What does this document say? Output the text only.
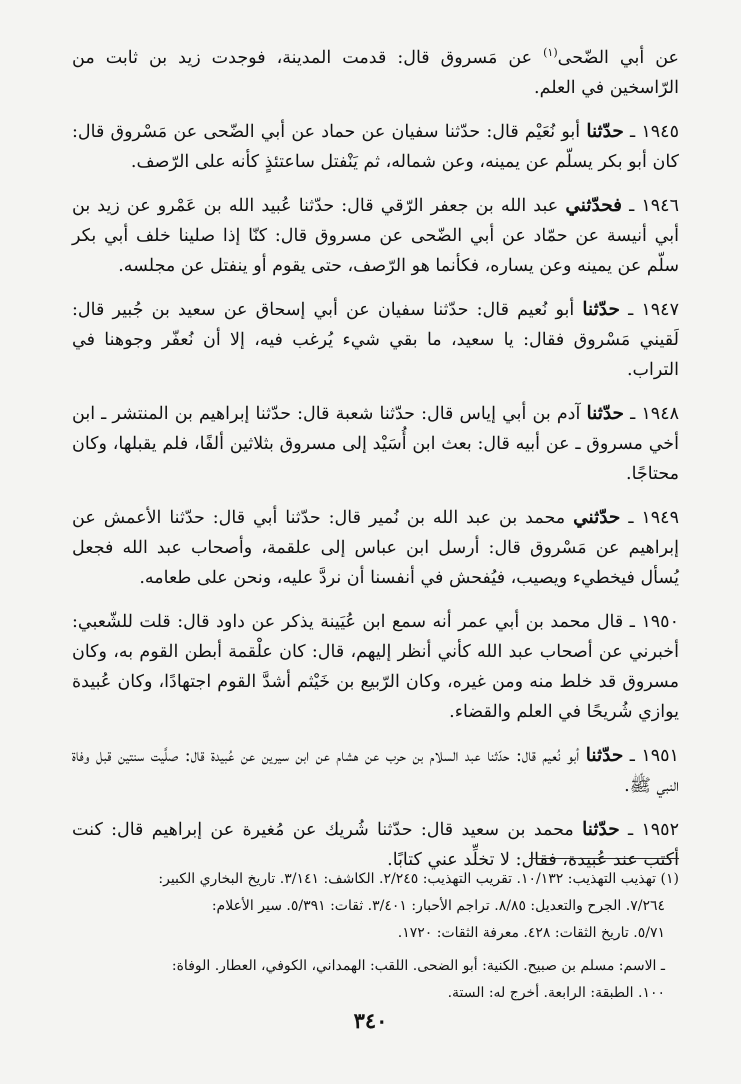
عن أبي الضّحى$^{(١)}$ عن مَسروق قال: قدمت المدينة، فوجدت زيد بن ثابت من الرّاسخين في العلم.

١٩٤٥ ـ حدّثنا أبو نُعَيْم قال: حدّثنا سفيان عن حماد عن أبي الضّحى عن مَسْروق قال: كان أبو بكر يسلّم عن يمينه، وعن شماله، ثم يَنْفتل ساعتئذٍ كأنه على الرّصف.

١٩٤٦ ـ فحدّثني عبد الله بن جعفر الرّقي قال: حدّثنا عُبيد الله بن عَمْرو عن زيد بن أبي أنيسة عن حمّاد عن أبي الضّحى عن مسروق قال: كنّا إذا صلينا خلف أبي بكر سلّم عن يمينه وعن يساره، فكأنما هو الرّصف، حتى يقوم أو ينفتل عن مجلسه.

١٩٤٧ ـ حدّثنا أبو نُعيم قال: حدّثنا سفيان عن أبي إسحاق عن سعيد بن جُبير قال: لَقيني مَسْروق فقال: يا سعيد، ما بقي شيء يُرغب فيه، إلا أن نُعفّر وجوهنا في التراب.

١٩٤٨ ـ حدّثنا آدم بن أبي إياس قال: حدّثنا شعبة قال: حدّثنا إبراهيم بن المنتشر ـ ابن أخي مسروق ـ عن أبيه قال: بعث ابن أُسَيْد إلى مسروق بثلاثين ألفًا، فلم يقبلها، وكان محتاجًا.

١٩٤٩ ـ حدّثني محمد بن عبد الله بن نُمير قال: حدّثنا أبي قال: حدّثنا الأعمش عن إبراهيم عن مَسْروق قال: أرسل ابن عباس إلى علقمة، وأصحاب عبد الله فجعل يُسأل فيخطيء ويصيب، فيُفحش في أنفسنا أن نردَّ عليه، ونحن على طعامه.

١٩٥٠ ـ قال محمد بن أبي عمر أنه سمع ابن عُيَينة يذكر عن داود قال: قلت للشّعبي: أخبرني عن أصحاب عبد الله كأني أنظر إليهم، قال: كان علْقمة أبطن القوم به، وكان مسروق قد خلط منه ومن غيره، وكان الرّبيع بن خَيْثم أشدَّ القوم اجتهادًا، وكان عُبيدة يوازي شُريحًا في العلم والقضاء.

١٩٥١ ـ حدّثنا أبو نُعيم قال: حدّثنا عبد السلام بن حرب عن هشام عن ابن سيرين عن عُبيدة قال: صلَّيت سنتين قبل وفاة النبي ﷺ.

١٩٥٢ ـ حدّثنا محمد بن سعيد قال: حدّثنا شُريك عن مُغيرة عن إبراهيم قال: كنت أكتب عند عُبيدة، فقال: لا تخلِّد عني كتابًا.

(١) تهذيب التهذيب: ١٠/١٣٢. تقريب التهذيب: ٢/٢٤٥. الكاشف: ٣/١٤١. تاريخ البخاري الكبير:

٧/٢٦٤. الجرح والتعديل: ٨/٨٥. تراجم الأحبار: ٣/٤٠١. ثقات: ٥/٣٩١. سير الأعلام:

٥/٧١. تاريخ الثقات: ٤٢٨. معرفة الثقات: ١٧٢٠.

ـ الاسم: مسلم بن صبيح. الكنية: أبو الضحى. اللقب: الهمداني، الكوفي، العطار. الوفاة:

١٠٠. الطبقة: الرابعة. أخرج له: الستة.

٣٤٠
